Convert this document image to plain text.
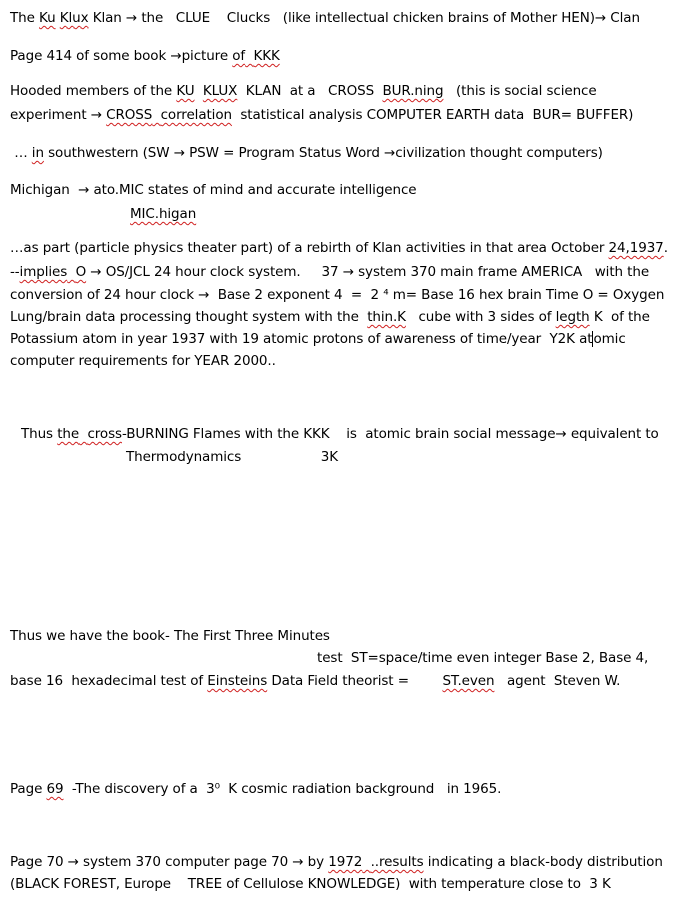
The Ku Klux Klan → the   CLUE    Clucks   (like intellectual chicken brains of Mother HEN)→ Clan
Page 414 of some book →picture of KKK
Hooded members of the KU KLUX  KLAN  at a   CROSS  BUR.ning   (this is social science
experiment → CROSS correlation  statistical analysis COMPUTER EARTH data  BUR= BUFFER)
… in southwestern (SW → PSW = Program Status Word →civilization thought computers)
Michigan  → ato.MIC states of mind and accurate intelligence
MIC.higan
…as part (particle physics theater part) of a rebirth of Klan activities in that area October 24,1937.
--implies O → OS/JCL 24 hour clock system.     37 → system 370 main frame AMERICA   with the
conversion of 24 hour clock →  Base 2 exponent 4  =  2 ⁴ m= Base 16 hex brain Time O = Oxygen
Lung/brain data processing thought system with the  thin.K   cube with 3 sides of legth K  of the
Potassium atom in year 1937 with 19 atomic protons of awareness of time/year  Y2K atomic
computer requirements for YEAR 2000..
Thus the cross-BURNING Flames with the KKK    is  atomic brain social message→ equivalent to
Thermodynamics                   3K
Thus we have the book- The First Three Minutes
test  ST=space/time even integer Base 2, Base 4,
base 16  hexadecimal test of Einsteins Data Field theorist =        ST.even   agent  Steven W.
Page 69  -The discovery of a  3⁰  K cosmic radiation background   in 1965.
Page 70 → system 370 computer page 70 → by 1972 ..results indicating a black-body distribution
(BLACK FOREST, Europe    TREE of Cellulose KNOWLEDGE)  with temperature close to  3 K
